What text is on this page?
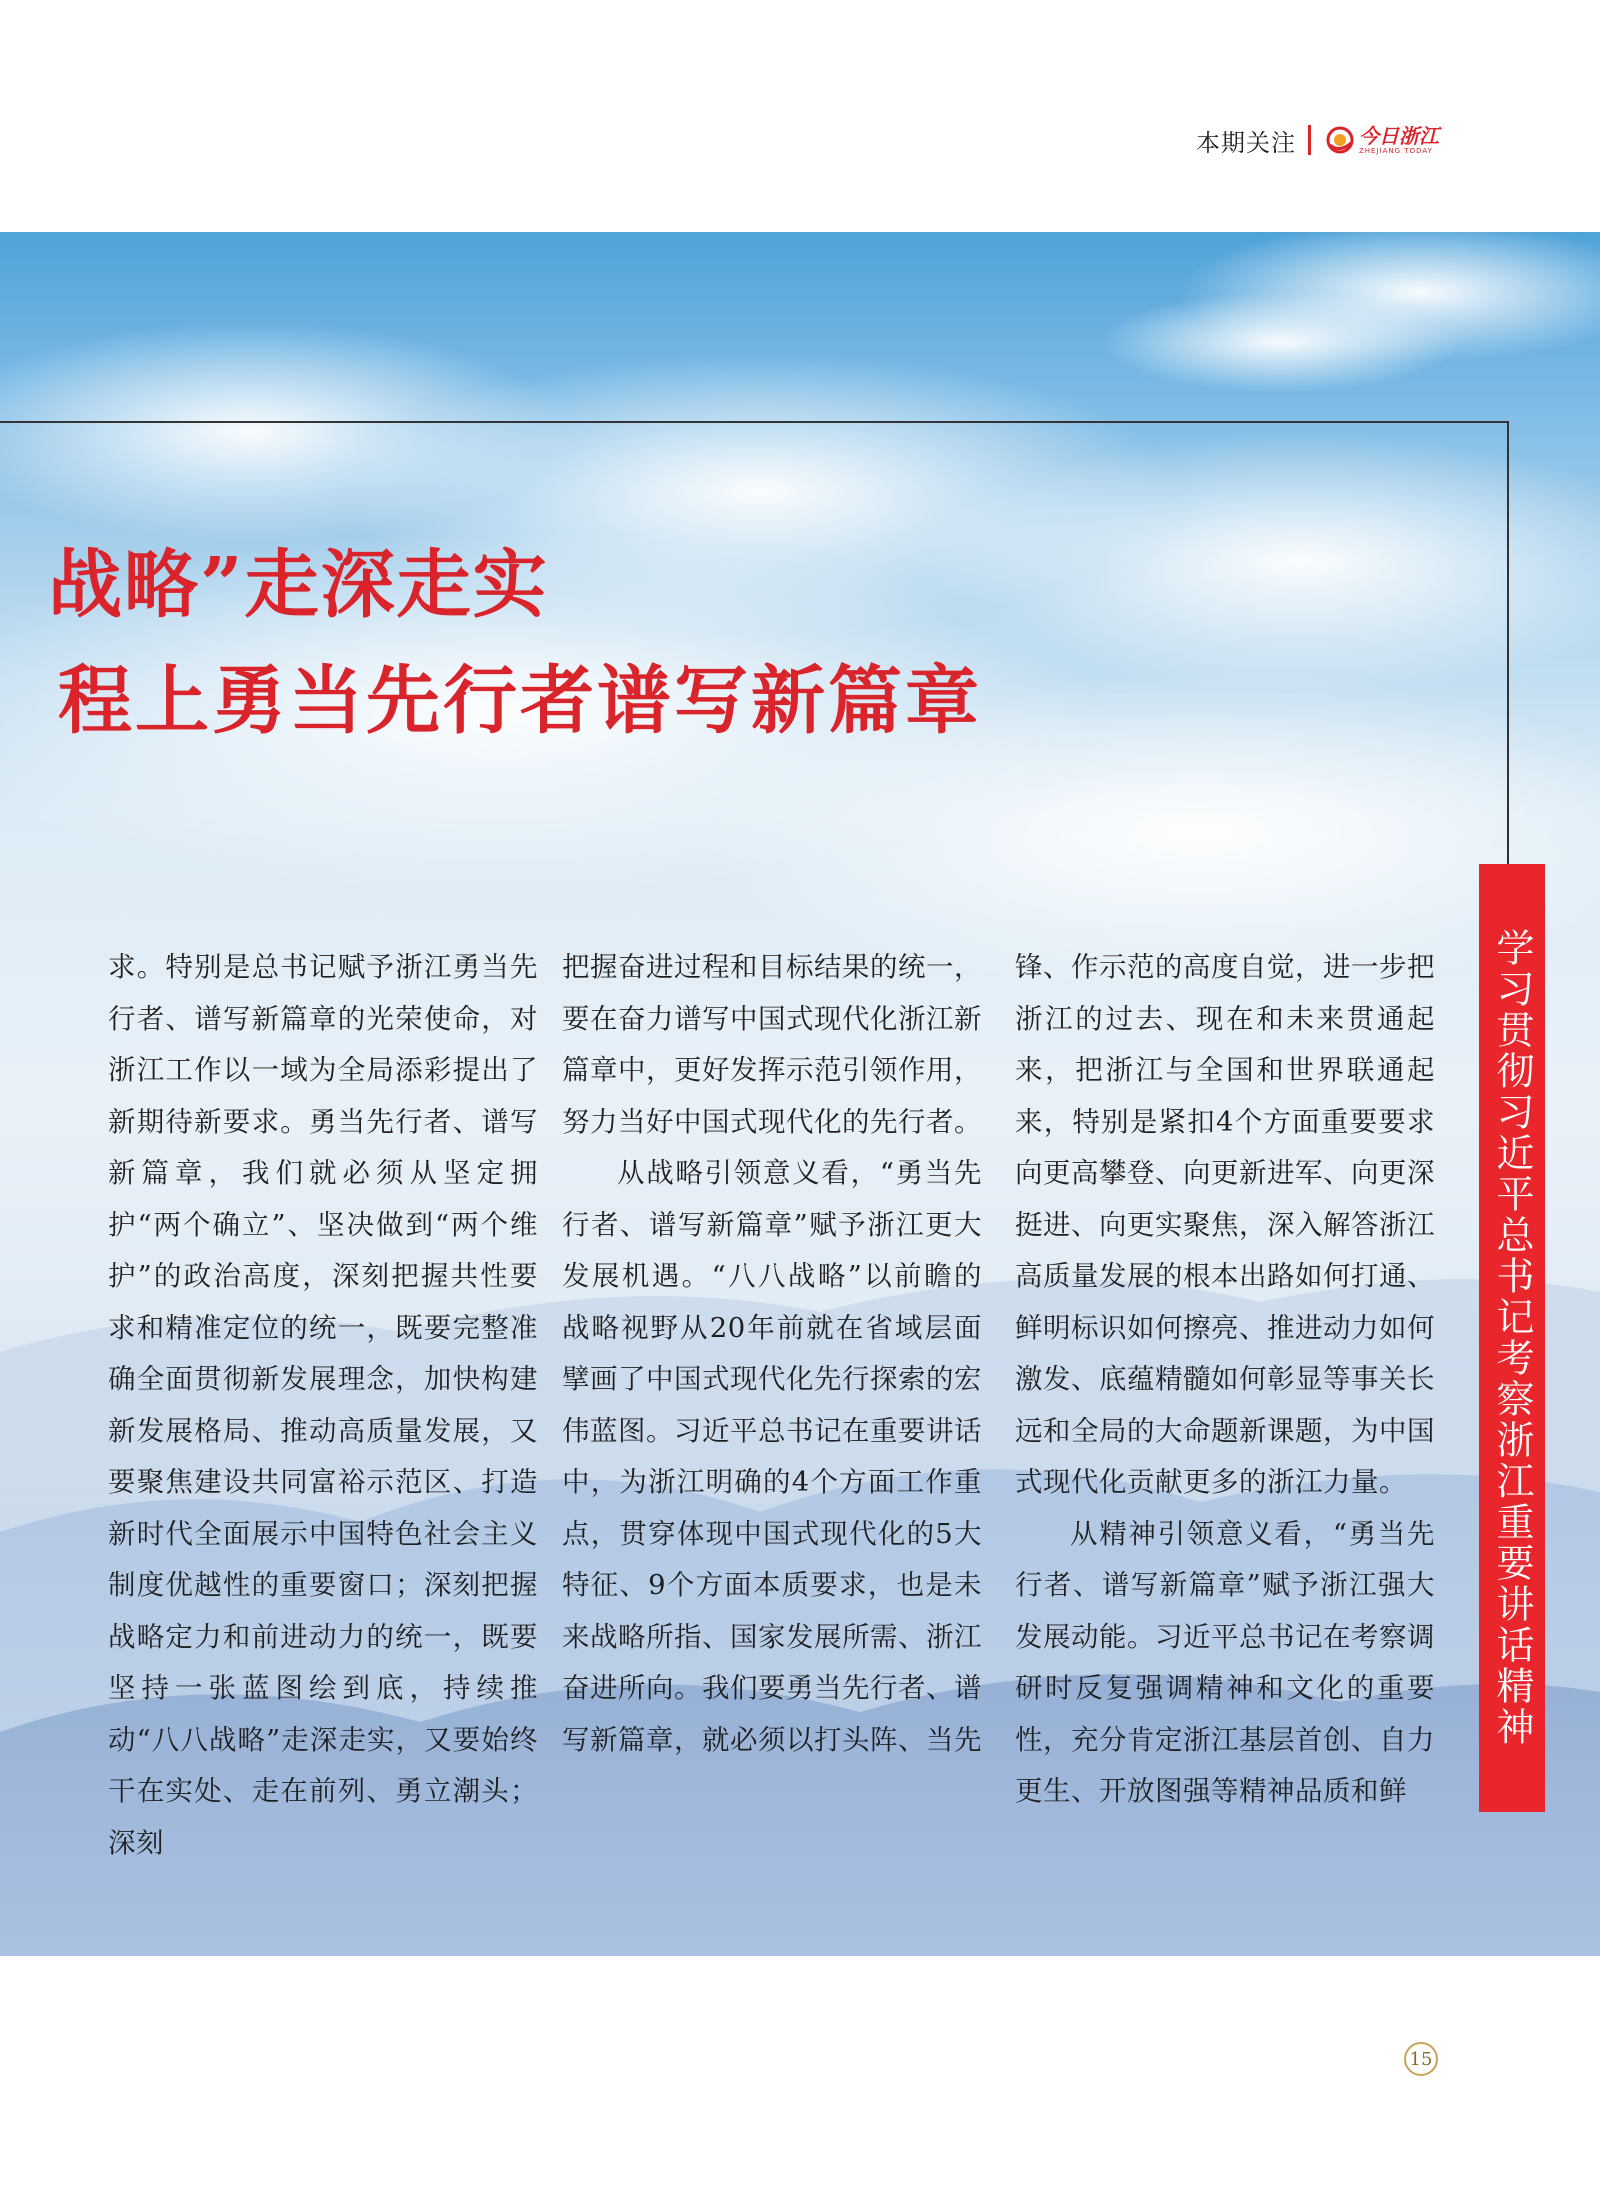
本期关注	今日浙江
ZHEJIANG TODAY
战略”走深走实
程上勇当先行者谱写新篇章
学习贯彻习近平总书记考察浙江重要讲话精神

求。特别是总书记赋予浙江勇当先行者、谱写新篇章的光荣使命，对浙江工作以一域为全局添彩提出了新期待新要求。勇当先行者、谱写新篇章，我们就必须从坚定拥护“两个确立”、坚决做到“两个维护”的政治高度，深刻把握共性要求和精准定位的统一，既要完整准确全面贯彻新发展理念，加快构建新发展格局、推动高质量发展，又要聚焦建设共同富裕示范区、打造新时代全面展示中国特色社会主义制度优越性的重要窗口；深刻把握战略定力和前进动力的统一，既要坚持一张蓝图绘到底，持续推动“八八战略”走深走实，又要始终干在实处、走在前列、勇立潮头；深刻

把握奋进过程和目标结果的统一，要在奋力谱写中国式现代化浙江新篇章中，更好发挥示范引领作用，努力当好中国式现代化的先行者。

从战略引领意义看，“勇当先行者、谱写新篇章”赋予浙江更大发展机遇。“八八战略”以前瞻的战略视野从20年前就在省域层面擘画了中国式现代化先行探索的宏伟蓝图。习近平总书记在重要讲话中，为浙江明确的4个方面工作重点，贯穿体现中国式现代化的5大特征、9个方面本质要求，也是未来战略所指、国家发展所需、浙江奋进所向。我们要勇当先行者、谱写新篇章，就必须以打头阵、当先

锋、作示范的高度自觉，进一步把浙江的过去、现在和未来贯通起来，把浙江与全国和世界联通起来，特别是紧扣4个方面重要要求向更高攀登、向更新进军、向更深挺进、向更实聚焦，深入解答浙江高质量发展的根本出路如何打通、鲜明标识如何擦亮、推进动力如何激发、底蕴精髓如何彰显等事关长远和全局的大命题新课题，为中国式现代化贡献更多的浙江力量。

从精神引领意义看，“勇当先行者、谱写新篇章”赋予浙江强大发展动能。习近平总书记在考察调研时反复强调精神和文化的重要性，充分肯定浙江基层首创、自力更生、开放图强等精神品质和鲜

15
